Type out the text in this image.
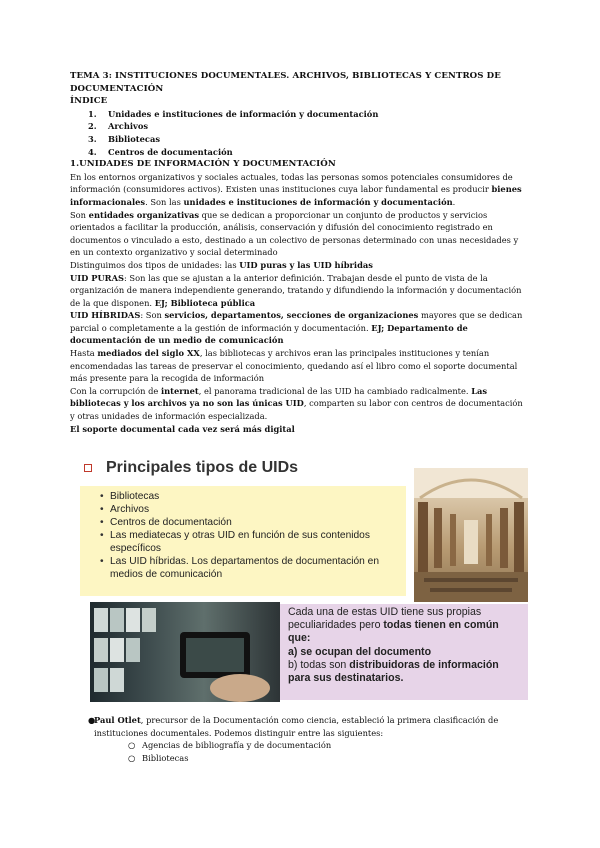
TEMA 3: INSTITUCIONES DOCUMENTALES. ARCHIVOS, BIBLIOTECAS Y CENTROS DE
DOCUMENTACIÓN

ÍNDICE

1. Unidades e instituciones de información y documentación
2. Archivos
3. Bibliotecas
4. Centros de documentación

1.UNIDADES DE INFORMACIÓN Y DOCUMENTACIÓN

En los entornos organizativos y sociales actuales, todas las personas somos potenciales consumidores de información (consumidores activos). Existen unas instituciones cuya labor fundamental es producir bienes informacionales. Son las unidades e instituciones de información y documentación.

Son entidades organizativas que se dedican a proporcionar un conjunto de productos y servicios orientados a facilitar la producción, análisis, conservación y difusión del conocimiento registrado en documentos o vinculado a esto, destinado a un colectivo de personas determinado con unas necesidades y en un contexto organizativo y social determinado

Distinguimos dos tipos de unidades: las UID puras y las UID híbridas

UID PURAS: Son las que se ajustan a la anterior definición. Trabajan desde el punto de vista de la organización de manera independiente generando, tratando y difundiendo la información y documentación de la que disponen. EJ; Biblioteca pública

UID HÍBRIDAS: Son servicios, departamentos, secciones de organizaciones mayores que se dedican parcial o completamente a la gestión de información y documentación. EJ; Departamento de documentación de un medio de comunicación

Hasta mediados del siglo XX, las bibliotecas y archivos eran las principales instituciones y tenían encomendadas las tareas de preservar el conocimiento, quedando así el libro como el soporte documental más presente para la recogida de información

Con la corrupción de internet, el panorama tradicional de las UID ha cambiado radicalmente. Las bibliotecas y los archivos ya no son las únicas UID, comparten su labor con centros de documentación y otras unidades de información especializada.

El soporte documental cada vez será más digital

Principales tipos de UIDs
• Bibliotecas
• Archivos
• Centros de documentación
• Las mediatecas y otras UID en función de sus contenidos específicos
• Las UID híbridas. Los departamentos de documentación en medios de comunicación

Cada una de estas UID tiene sus propias peculiaridades pero todas tienen en común que:

a) se ocupan del documento

b) todas son distribuidoras de información para sus destinatarios.

●
Paul Otlet, precursor de la Documentación como ciencia, estableció la primera clasificación de instituciones documentales. Podemos distinguir entre las siguientes:

○ Agencias de bibliografía y de documentación

○ Bibliotecas
